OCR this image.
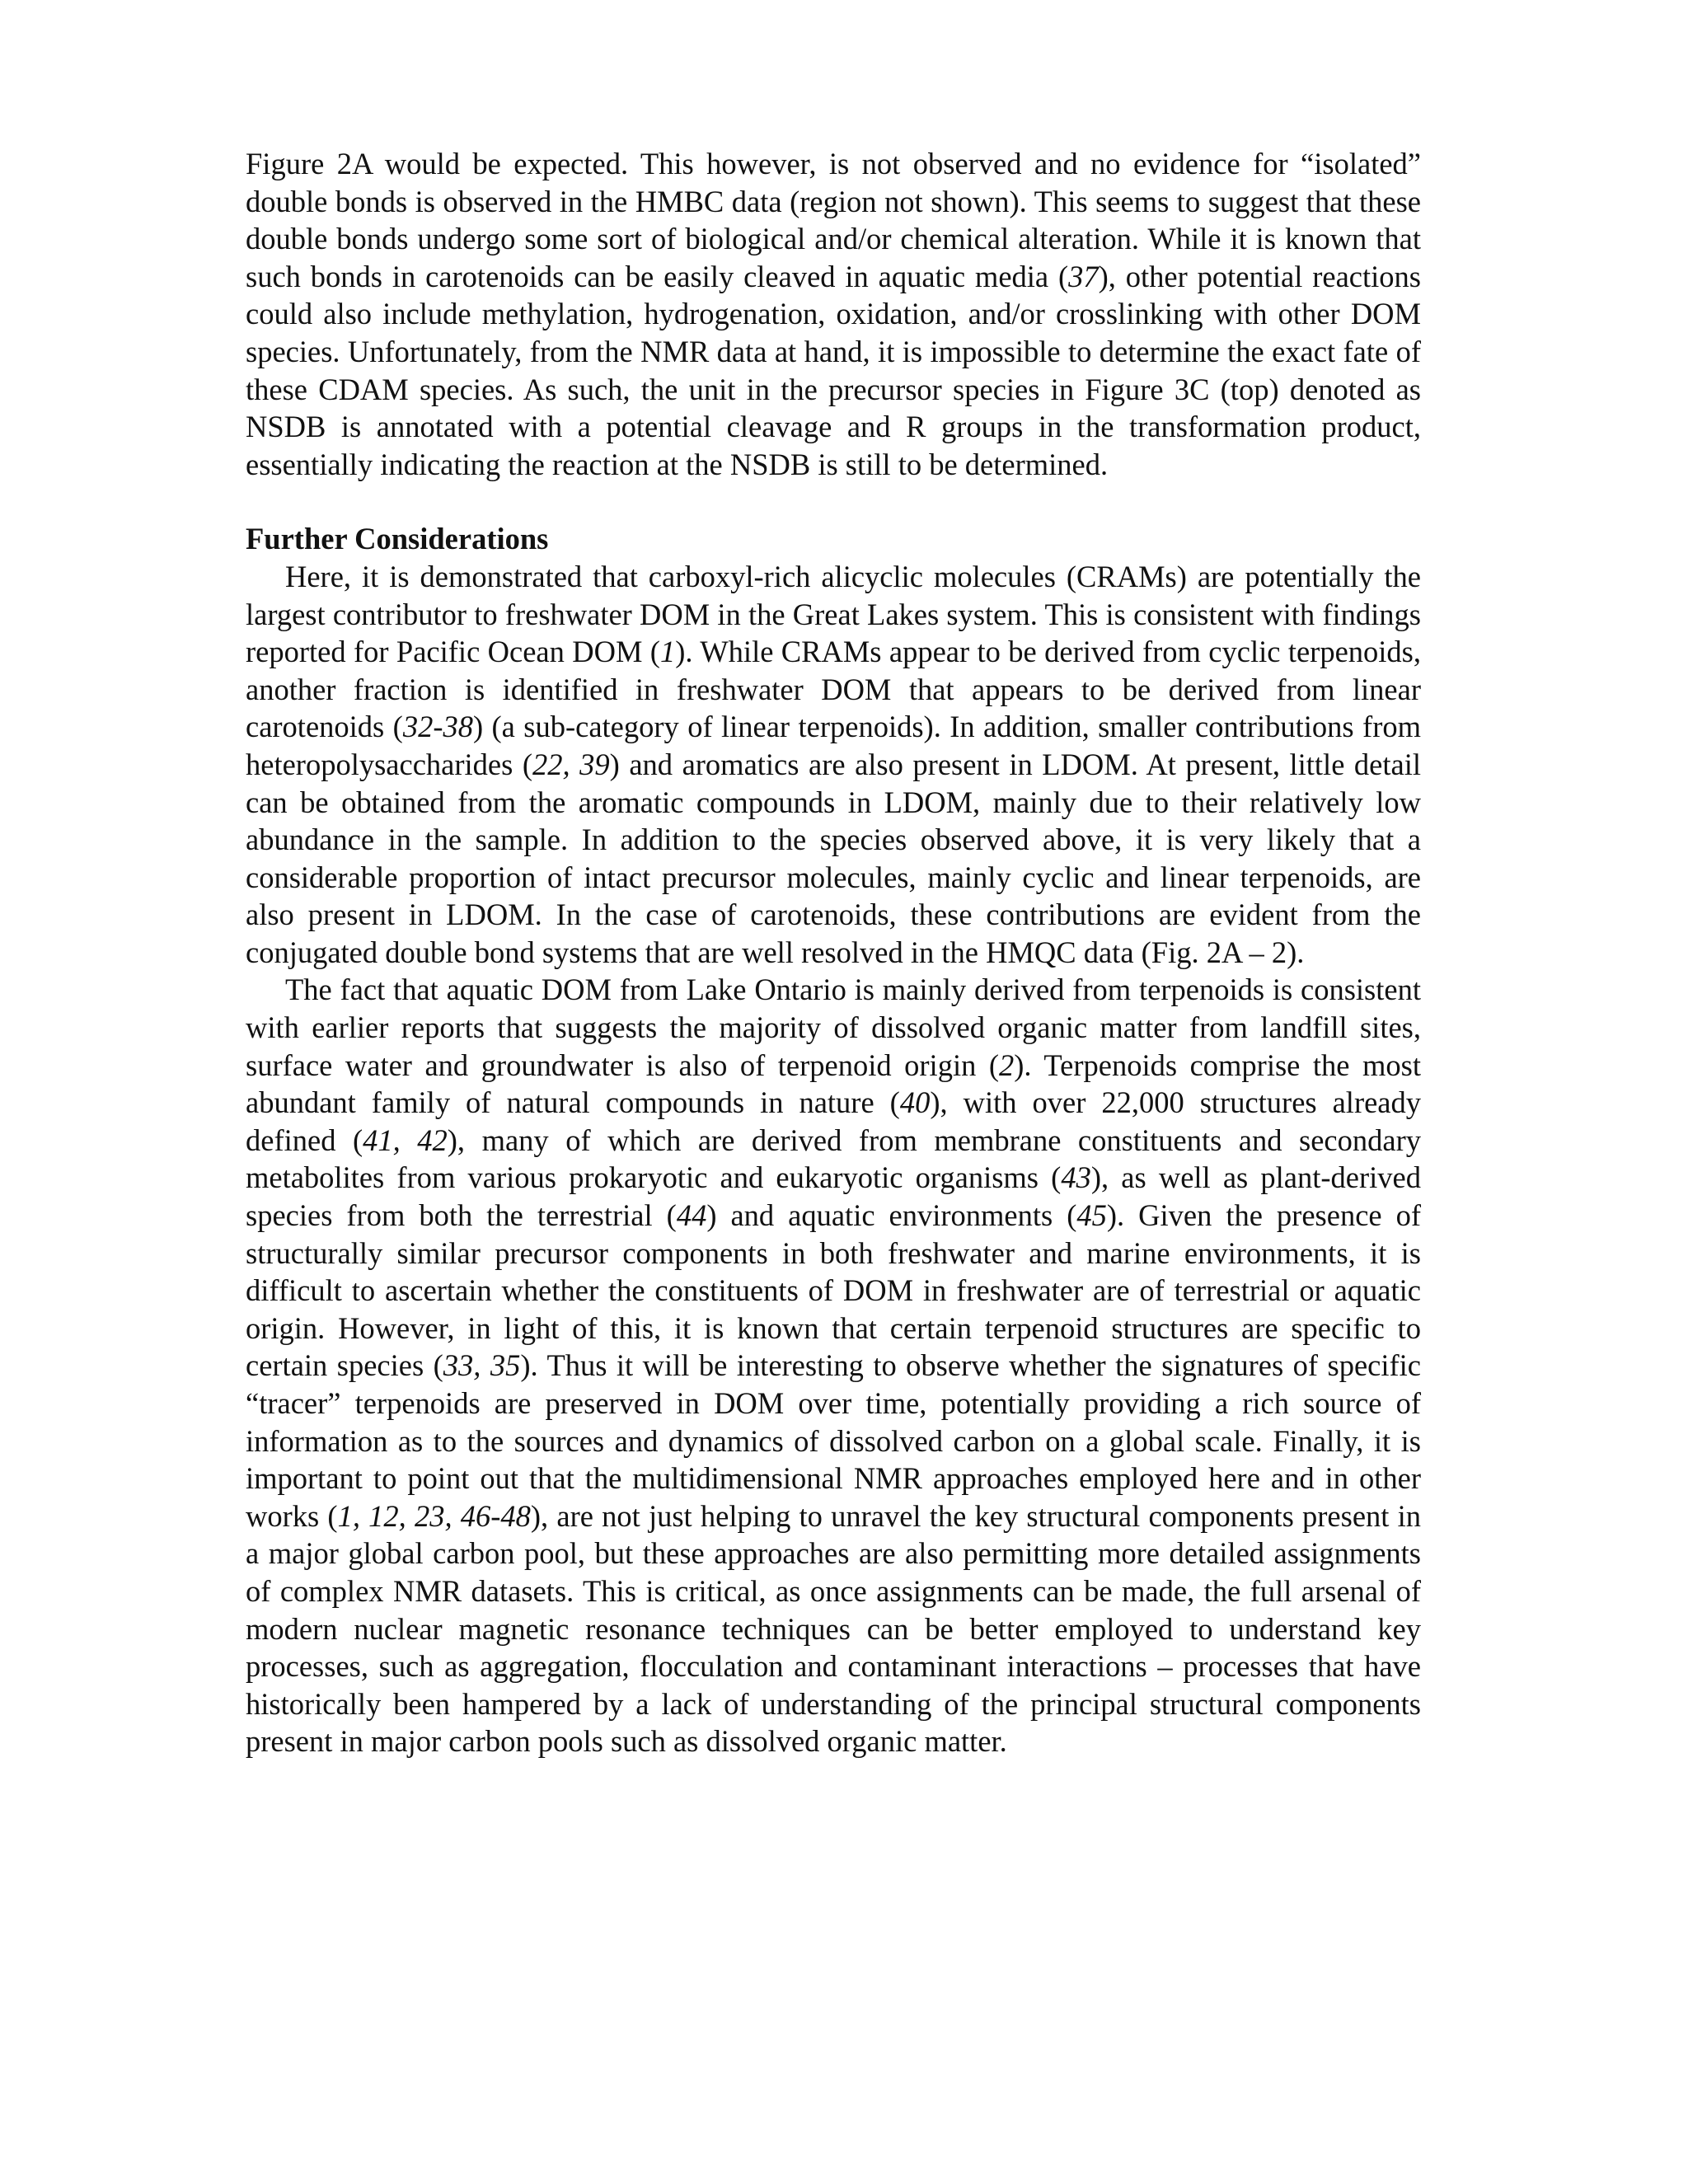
Figure 2A would be expected. This however, is not observed and no evidence for “isolated” double bonds is observed in the HMBC data (region not shown). This seems to suggest that these double bonds undergo some sort of biological and/or chemical alteration. While it is known that such bonds in carotenoids can be easily cleaved in aquatic media (37), other potential reactions could also include methylation, hydrogenation, oxidation, and/or crosslinking with other DOM species. Unfortunately, from the NMR data at hand, it is impossible to determine the exact fate of these CDAM species. As such, the unit in the precursor species in Figure 3C (top) denoted as NSDB is annotated with a potential cleavage and R groups in the transformation product, essentially indicating the reaction at the NSDB is still to be determined.

Further Considerations

Here, it is demonstrated that carboxyl-rich alicyclic molecules (CRAMs) are potentially the largest contributor to freshwater DOM in the Great Lakes system. This is consistent with findings reported for Pacific Ocean DOM (1). While CRAMs appear to be derived from cyclic terpenoids, another fraction is identified in freshwater DOM that appears to be derived from linear carotenoids (32-38) (a sub-category of linear terpenoids). In addition, smaller contributions from heteropolysaccharides (22, 39) and aromatics are also present in LDOM. At present, little detail can be obtained from the aromatic compounds in LDOM, mainly due to their relatively low abundance in the sample. In addition to the species observed above, it is very likely that a considerable proportion of intact precursor molecules, mainly cyclic and linear terpenoids, are also present in LDOM. In the case of carotenoids, these contributions are evident from the conjugated double bond systems that are well resolved in the HMQC data (Fig. 2A – 2).

The fact that aquatic DOM from Lake Ontario is mainly derived from terpenoids is consistent with earlier reports that suggests the majority of dissolved organic matter from landfill sites, surface water and groundwater is also of terpenoid origin (2). Terpenoids comprise the most abundant family of natural compounds in nature (40), with over 22,000 structures already defined (41, 42), many of which are derived from membrane constituents and secondary metabolites from various prokaryotic and eukaryotic organisms (43), as well as plant-derived species from both the terrestrial (44) and aquatic environments (45). Given the presence of structurally similar precursor components in both freshwater and marine environments, it is difficult to ascertain whether the constituents of DOM in freshwater are of terrestrial or aquatic origin. However, in light of this, it is known that certain terpenoid structures are specific to certain species (33, 35). Thus it will be interesting to observe whether the signatures of specific “tracer” terpenoids are preserved in DOM over time, potentially providing a rich source of information as to the sources and dynamics of dissolved carbon on a global scale. Finally, it is important to point out that the multidimensional NMR approaches employed here and in other works (1, 12, 23, 46-48), are not just helping to unravel the key structural components present in a major global carbon pool, but these approaches are also permitting more detailed assignments of complex NMR datasets. This is critical, as once assignments can be made, the full arsenal of modern nuclear magnetic resonance techniques can be better employed to understand key processes, such as aggregation, flocculation and contaminant interactions – processes that have historically been hampered by a lack of understanding of the principal structural components present in major carbon pools such as dissolved organic matter.
